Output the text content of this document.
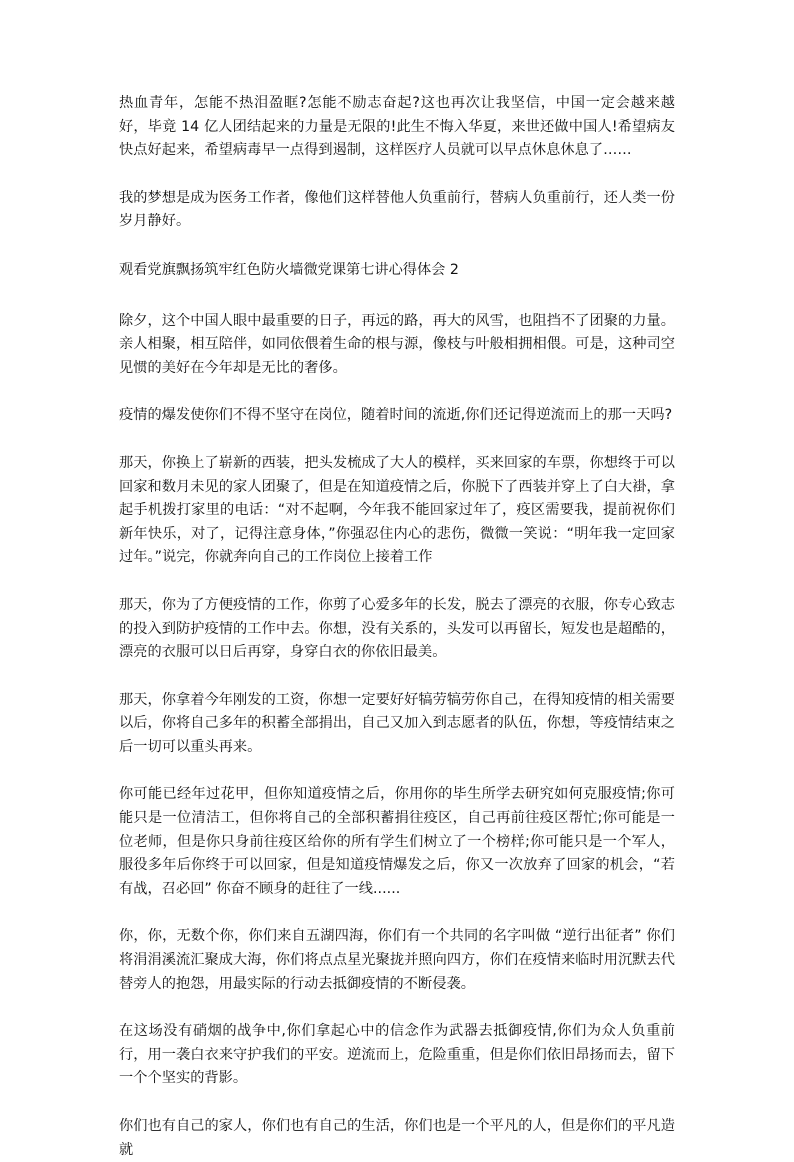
热血青年，怎能不热泪盈眶?怎能不励志奋起?这也再次让我坚信，中国一定会越来越好，毕竟 14 亿人团结起来的力量是无限的!此生不悔入华夏，来世还做中国人!希望病友快点好起来，希望病毒早一点得到遏制，这样医疗人员就可以早点休息休息了……

我的梦想是成为医务工作者，像他们这样替他人负重前行，替病人负重前行，还人类一份岁月静好。

观看党旗飘扬筑牢红色防火墙微党课第七讲心得体会 2

除夕，这个中国人眼中最重要的日子，再远的路，再大的风雪，也阻挡不了团聚的力量。亲人相聚，相互陪伴，如同依偎着生命的根与源，像枝与叶般相拥相偎。可是，这种司空见惯的美好在今年却是无比的奢侈。

疫情的爆发使你们不得不坚守在岗位，随着时间的流逝,你们还记得逆流而上的那一天吗?

那天，你换上了崭新的西装，把头发梳成了大人的模样，买来回家的车票，你想终于可以回家和数月未见的家人团聚了，但是在知道疫情之后，你脱下了西装并穿上了白大褂，拿起手机拨打家里的电话：“对不起啊，今年我不能回家过年了，疫区需要我，提前祝你们新年快乐，对了，记得注意身体，”你强忍住内心的悲伤，微微一笑说：“明年我一定回家过年。”说完，你就奔向自己的工作岗位上接着工作

那天，你为了方便疫情的工作，你剪了心爱多年的长发，脱去了漂亮的衣服，你专心致志的投入到防护疫情的工作中去。你想，没有关系的，头发可以再留长，短发也是超酷的，漂亮的衣服可以日后再穿，身穿白衣的你依旧最美。

那天，你拿着今年刚发的工资，你想一定要好好犒劳犒劳你自己，在得知疫情的相关需要以后，你将自己多年的积蓄全部捐出，自己又加入到志愿者的队伍，你想，等疫情结束之后一切可以重头再来。

你可能已经年过花甲，但你知道疫情之后，你用你的毕生所学去研究如何克服疫情;你可能只是一位清洁工，但你将自己的全部积蓄捐往疫区，自己再前往疫区帮忙;你可能是一位老师，但是你只身前往疫区给你的所有学生们树立了一个榜样;你可能只是一个军人，服役多年后你终于可以回家，但是知道疫情爆发之后，你又一次放弃了回家的机会，“若有战，召必回” 你奋不顾身的赶往了一线......

你，你，无数个你，你们来自五湖四海，你们有一个共同的名字叫做 “逆行出征者” 你们将涓涓溪流汇聚成大海，你们将点点星光聚拢并照向四方，你们在疫情来临时用沉默去代替旁人的抱怨，用最实际的行动去抵御疫情的不断侵袭。

在这场没有硝烟的战争中,你们拿起心中的信念作为武器去抵御疫情,你们为众人负重前行，用一袭白衣来守护我们的平安。逆流而上，危险重重，但是你们依旧昂扬而去，留下一个个坚实的背影。

你们也有自己的家人，你们也有自己的生活，你们也是一个平凡的人，但是你们的平凡造就
